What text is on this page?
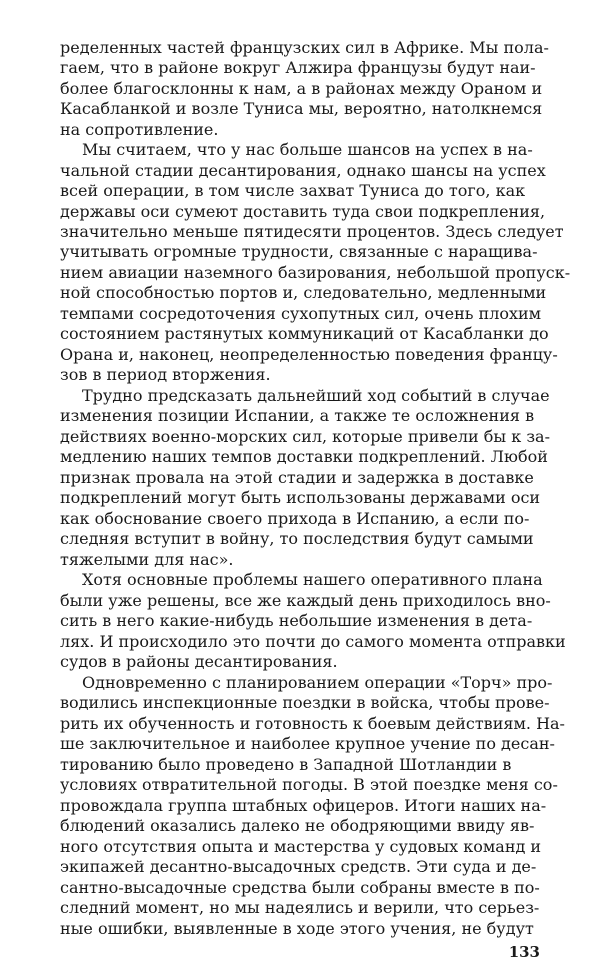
ределенных частей французских сил в Африке. Мы пола-
гаем, что в районе вокруг Алжира французы будут наи-
более благосклонны к нам, а в районах между Ораном и
Касабланкой и возле Туниса мы, вероятно, натолкнемся
на сопротивление.
Мы считаем, что у нас больше шансов на успех в на-
чальной стадии десантирования, однако шансы на успех
всей операции, в том числе захват Туниса до того, как
державы оси сумеют доставить туда свои подкрепления,
значительно меньше пятидесяти процентов. Здесь следует
учитывать огромные трудности, связанные с наращива-
нием авиации наземного базирования, небольшой пропуск-
ной способностью портов и, следовательно, медленными
темпами сосредоточения сухопутных сил, очень плохим
состоянием растянутых коммуникаций от Касабланки до
Орана и, наконец, неопределенностью поведения францу-
зов в период вторжения.
Трудно предсказать дальнейший ход событий в случае
изменения позиции Испании, а также те осложнения в
действиях военно-морских сил, которые привели бы к за-
медлению наших темпов доставки подкреплений. Любой
признак провала на этой стадии и задержка в доставке
подкреплений могут быть использованы державами оси
как обоснование своего прихода в Испанию, а если по-
следняя вступит в войну, то последствия будут самыми
тяжелыми для нас».
Хотя основные проблемы нашего оперативного плана
были уже решены, все же каждый день приходилось вно-
сить в него какие-нибудь небольшие изменения в дета-
лях. И происходило это почти до самого момента отправки
судов в районы десантирования.
Одновременно с планированием операции «Торч» про-
водились инспекционные поездки в войска, чтобы прове-
рить их обученность и готовность к боевым действиям. На-
ше заключительное и наиболее крупное учение по десан-
тированию было проведено в Западной Шотландии в
условиях отвратительной погоды. В этой поездке меня со-
провождала группа штабных офицеров. Итоги наших на-
блюдений оказались далеко не ободряющими ввиду яв-
ного отсутствия опыта и мастерства у судовых команд и
экипажей десантно-высадочных средств. Эти суда и де-
сантно-высадочные средства были собраны вместе в по-
следний момент, но мы надеялись и верили, что серьез-
ные ошибки, выявленные в ходе этого учения, не будут
133
